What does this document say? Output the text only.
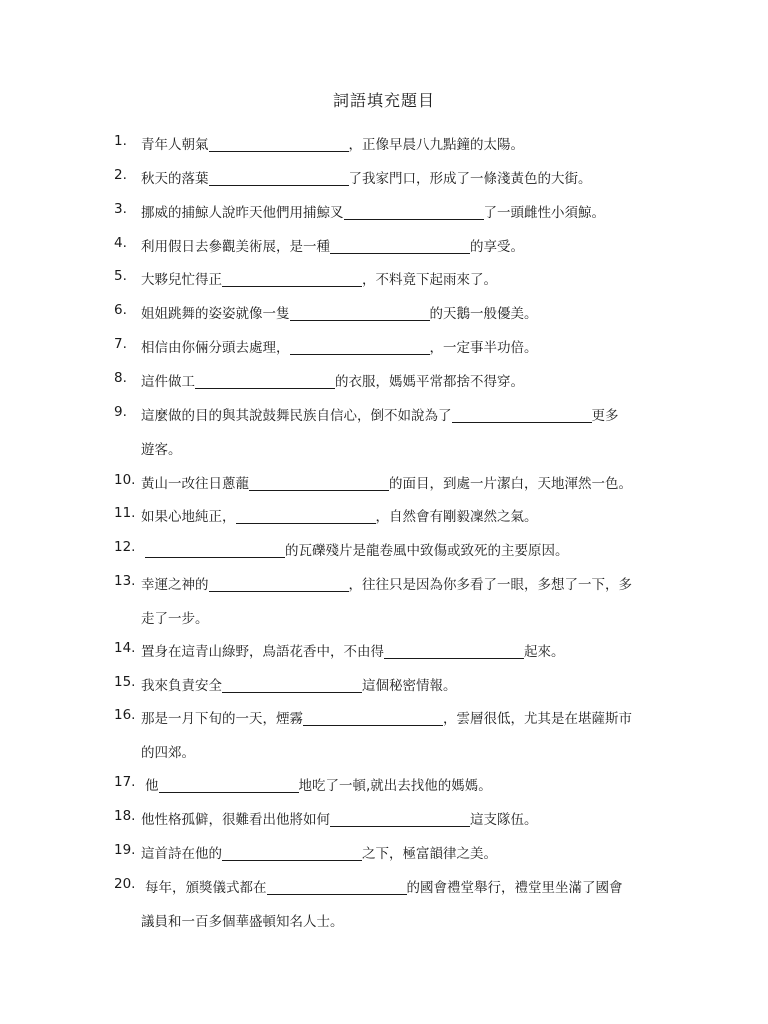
詞語填充題目
1. 青年人朝氣	，正像早晨八九點鐘的太陽。
2. 秋天的落葉	了我家門口，形成了一條淺黃色的大街。
3. 挪威的捕鯨人說昨天他們用捕鯨叉	了一頭雌性小須鯨。
4. 利用假日去參觀美術展，是一種	的享受。
5. 大夥兒忙得正	，不料竟下起雨來了。
6. 姐姐跳舞的姿姿就像一隻	的天鵝一般優美。
7. 相信由你倆分頭去處理，	，一定事半功倍。
8. 這件做工	的衣服，媽媽平常都捨不得穿。
9. 這麼做的目的與其說鼓舞民族自信心，倒不如說為了	更多
遊客。
10. 黃山一改往日蔥蘢	的面目，到處一片潔白，天地渾然一色。
11. 如果心地純正，	，自然會有剛毅凜然之氣。
12.	的瓦礫殘片是龍卷風中致傷或致死的主要原因。
13. 幸運之神的	，往往只是因為你多看了一眼，多想了一下，多
走了一步。
14. 置身在這青山綠野，鳥語花香中，不由得	起來。
15. 我來負責安全	這個秘密情報。
16. 那是一月下旬的一天，煙霧	，雲層很低，尤其是在堪薩斯市
的四郊。
17. 他	地吃了一頓,就出去找他的媽媽。
18. 他性格孤僻，很難看出他將如何	這支隊伍。
19. 這首詩在他的	之下，極富韻律之美。
20. 每年，頒獎儀式都在	的國會禮堂舉行，禮堂里坐滿了國會
議員和一百多個華盛頓知名人士。
